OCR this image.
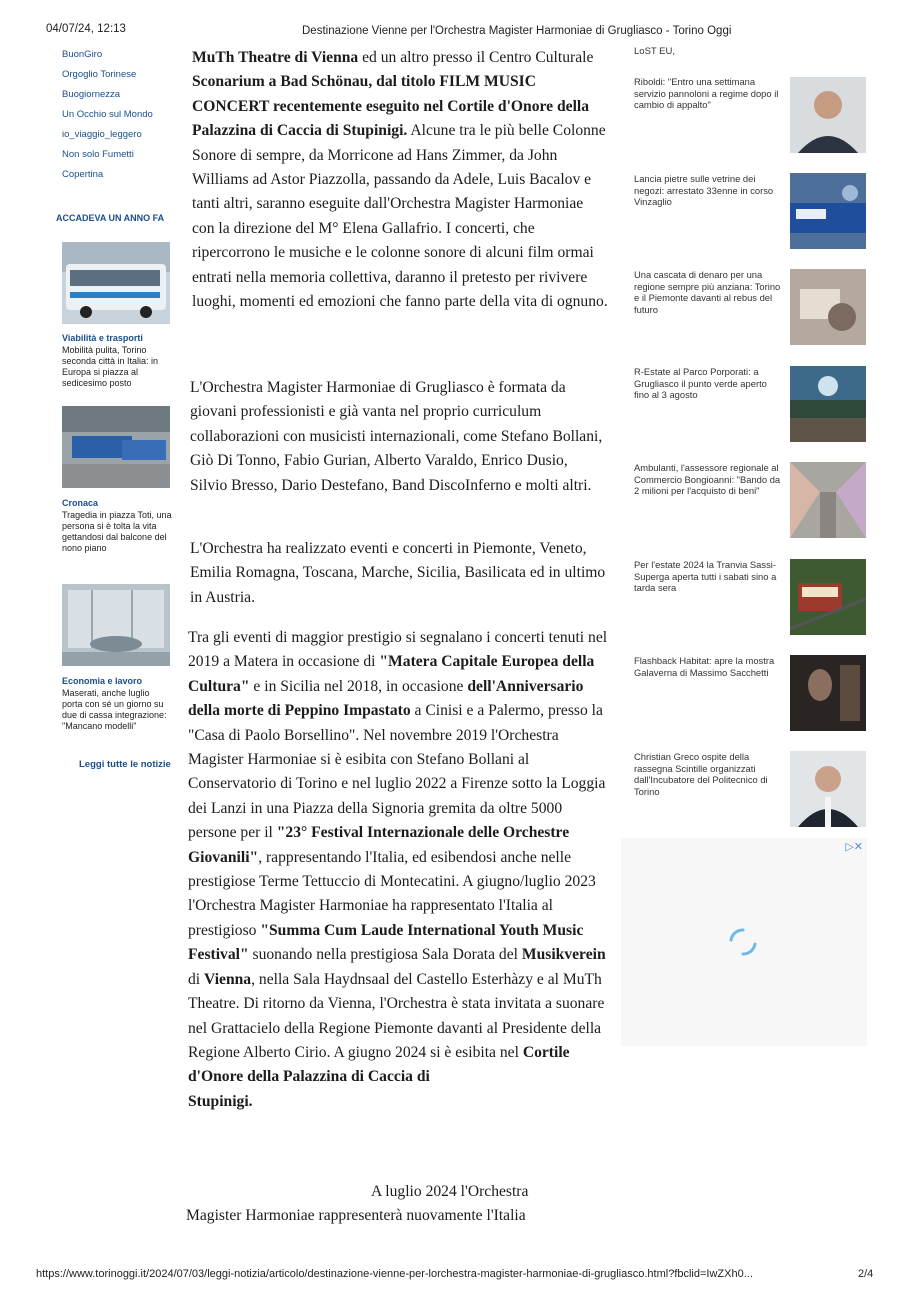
04/07/24, 12:13	Destinazione Vienne per l'Orchestra Magister Harmoniae di Grugliasco - Torino Oggi
BuonGiro
Orgoglio Torinese
Buogiornezza
Un Occhio sul Mondo
io_viaggio_leggero
Non solo Fumetti
Copertina
ACCADEVA UN ANNO FA
Viabilità e trasporti
Mobilità pulita, Torino seconda città in Italia: in Europa si piazza al sedicesimo posto
Cronaca
Tragedia in piazza Toti, una persona si è tolta la vita gettandosi dal balcone del nono piano
Economia e lavoro
Maserati, anche luglio porta con sé un giorno su due di cassa integrazione: "Mancano modelli"
Leggi tutte le notizie

MuTh Theatre di Vienna ed un altro presso il Centro Culturale Sconarium a Bad Schönau, dal titolo FILM MUSIC CONCERT recentemente eseguito nel Cortile d'Onore della Palazzina di Caccia di Stupinigi. Alcune tra le più belle Colonne Sonore di sempre, da Morricone ad Hans Zimmer, da John Williams ad Astor Piazzolla, passando da Adele, Luis Bacalov e tanti altri, saranno eseguite dall'Orchestra Magister Harmoniae con la direzione del M° Elena Gallafrio. I concerti, che ripercorrono le musiche e le colonne sonore di alcuni film ormai entrati nella memoria collettiva, daranno il pretesto per rivivere luoghi, momenti ed emozioni che fanno parte della vita di ognuno.

L'Orchestra Magister Harmoniae di Grugliasco è formata da giovani professionisti e già vanta nel proprio curriculum collaborazioni con musicisti internazionali, come Stefano Bollani, Giò Di Tonno, Fabio Gurian, Alberto Varaldo, Enrico Dusio, Silvio Bresso, Dario Destefano, Band DiscoInferno e molti altri.

L'Orchestra ha realizzato eventi e concerti in Piemonte, Veneto, Emilia Romagna, Toscana, Marche, Sicilia, Basilicata ed in ultimo in Austria.

Tra gli eventi di maggior prestigio si segnalano i concerti tenuti nel 2019 a Matera in occasione di "Matera Capitale Europea della Cultura" e in Sicilia nel 2018, in occasione dell'Anniversario della morte di Peppino Impastato a Cinisi e a Palermo, presso la "Casa di Paolo Borsellino". Nel novembre 2019 l'Orchestra Magister Harmoniae si è esibita con Stefano Bollani al Conservatorio di Torino e nel luglio 2022 a Firenze sotto la Loggia dei Lanzi in una Piazza della Signoria gremita da oltre 5000 persone per il "23° Festival Internazionale delle Orchestre Giovanili", rappresentando l'Italia, ed esibendosi anche nelle prestigiose Terme Tettuccio di Montecatini. A giugno/luglio 2023 l'Orchestra Magister Harmoniae ha rappresentato l'Italia al prestigioso "Summa Cum Laude International Youth Music Festival" suonando nella prestigiosa Sala Dorata del Musikverein di Vienna, nella Sala Haydnsaal del Castello Esterhàzy e al MuTh Theatre. Di ritorno da Vienna, l'Orchestra è stata invitata a suonare nel Grattacielo della Regione Piemonte davanti al Presidente della Regione Alberto Cirio. A giugno 2024 si è esibita nel Cortile d'Onore della Palazzina di Caccia di
Stupinigi.

A luglio 2024 l'Orchestra
Magister Harmoniae rappresenterà nuovamente l'Italia
LoST EU,
Riboldi: "Entro una settimana servizio pannoloni a regime dopo il cambio di appalto"
Lancia pietre sulle vetrine dei negozi: arrestato 33enne in corso Vinzaglio
Una cascata di denaro per una regione sempre più anziana: Torino e il Piemonte davanti al rebus del futuro
R-Estate al Parco Porporati: a Grugliasco il punto verde aperto fino al 3 agosto
Ambulanti, l'assessore regionale al Commercio Bongioanni: "Bando da 2 milioni per l'acquisto di beni"
Per l'estate 2024 la Tranvia Sassi-Superga aperta tutti i sabati sino a tarda sera
Flashback Habitat: apre la mostra Galaverna di Massimo Sacchetti
Christian Greco ospite della rassegna Scintille organizzati dall'Incubatore del Politecnico di Torino
▷✕
https://www.torinoggi.it/2024/07/03/leggi-notizia/articolo/destinazione-vienne-per-lorchestra-magister-harmoniae-di-grugliasco.html?fbclid=IwZXh0...	2/4
